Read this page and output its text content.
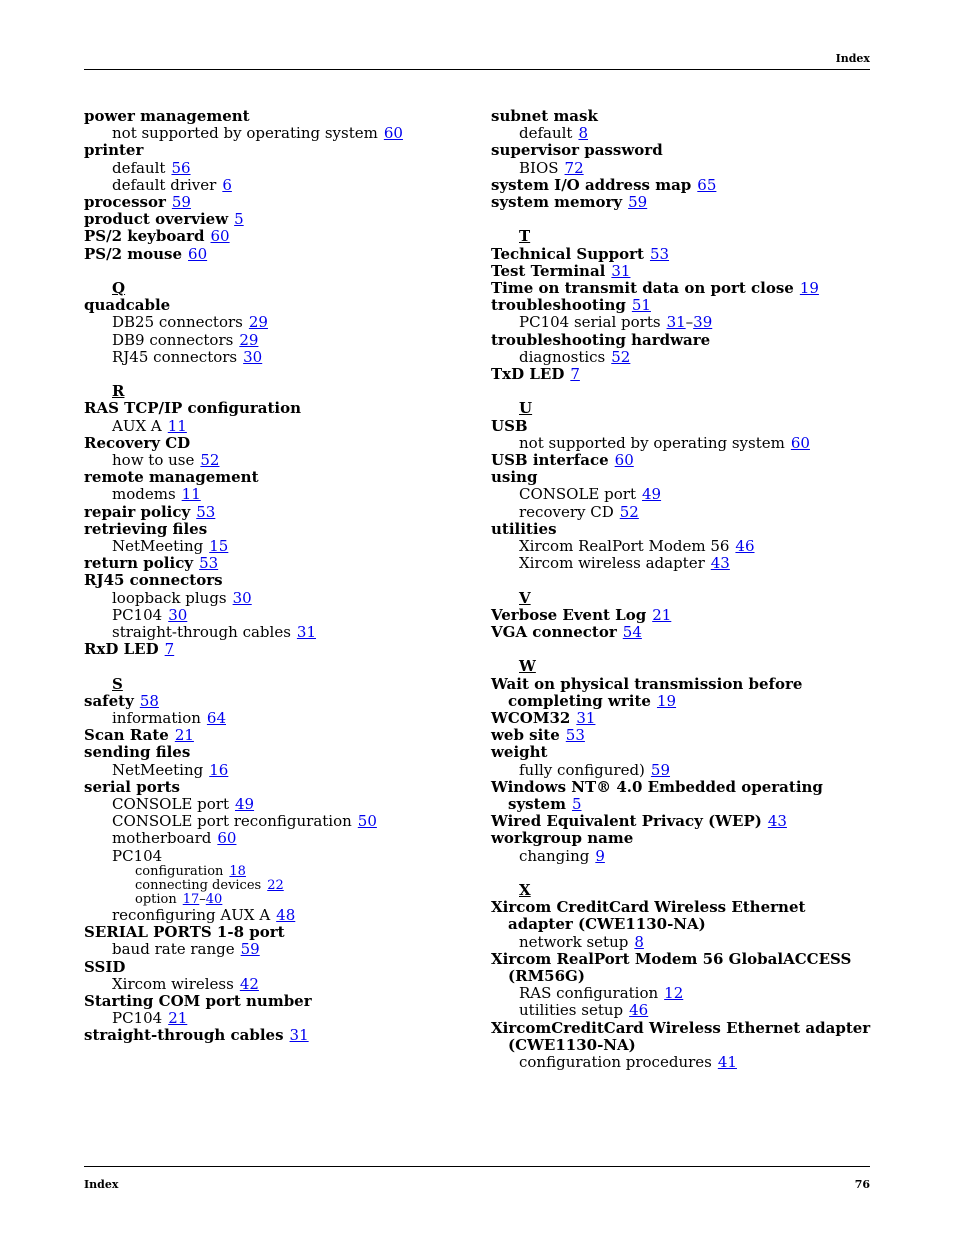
Index
power management
not supported by operating system 60
printer
default 56
default driver 6
processor 59
product overview 5
PS/2 keyboard 60
PS/2 mouse 60
Q
quadcable
DB25 connectors 29
DB9 connectors 29
RJ45 connectors 30
R
RAS TCP/IP configuration
AUX A 11
Recovery CD
how to use 52
remote management
modems 11
repair policy 53
retrieving files
NetMeeting 15
return policy 53
RJ45 connectors
loopback plugs 30
PC104 30
straight-through cables 31
RxD LED 7
S
safety 58
information 64
Scan Rate 21
sending files
NetMeeting 16
serial ports
CONSOLE port 49
CONSOLE port reconfiguration 50
motherboard 60
PC104
configuration 18
connecting devices 22
option 17–40
reconfiguring AUX A 48
SERIAL PORTS 1-8 port
baud rate range 59
SSID
Xircom wireless 42
Starting COM port number
PC104 21
straight-through cables 31
subnet mask
default 8
supervisor password
BIOS 72
system I/O address map 65
system memory 59
T
Technical Support 53
Test Terminal 31
Time on transmit data on port close 19
troubleshooting 51
PC104 serial ports 31–39
troubleshooting hardware
diagnostics 52
TxD LED 7
U
USB
not supported by operating system 60
USB interface 60
using
CONSOLE port 49
recovery CD 52
utilities
Xircom RealPort Modem 56 46
Xircom wireless adapter 43
V
Verbose Event Log 21
VGA connector 54
W
Wait on physical transmission before completing write 19
WCOM32 31
web site 53
weight
fully configured) 59
Windows NT® 4.0 Embedded operating system 5
Wired Equivalent Privacy (WEP) 43
workgroup name
changing 9
X
Xircom CreditCard Wireless Ethernet adapter (CWE1130-NA)
network setup 8
Xircom RealPort Modem 56 GlobalACCESS (RM56G)
RAS configuration 12
utilities setup 46
XircomCreditCard Wireless Ethernet adapter (CWE1130-NA)
configuration procedures 41
Index	76
